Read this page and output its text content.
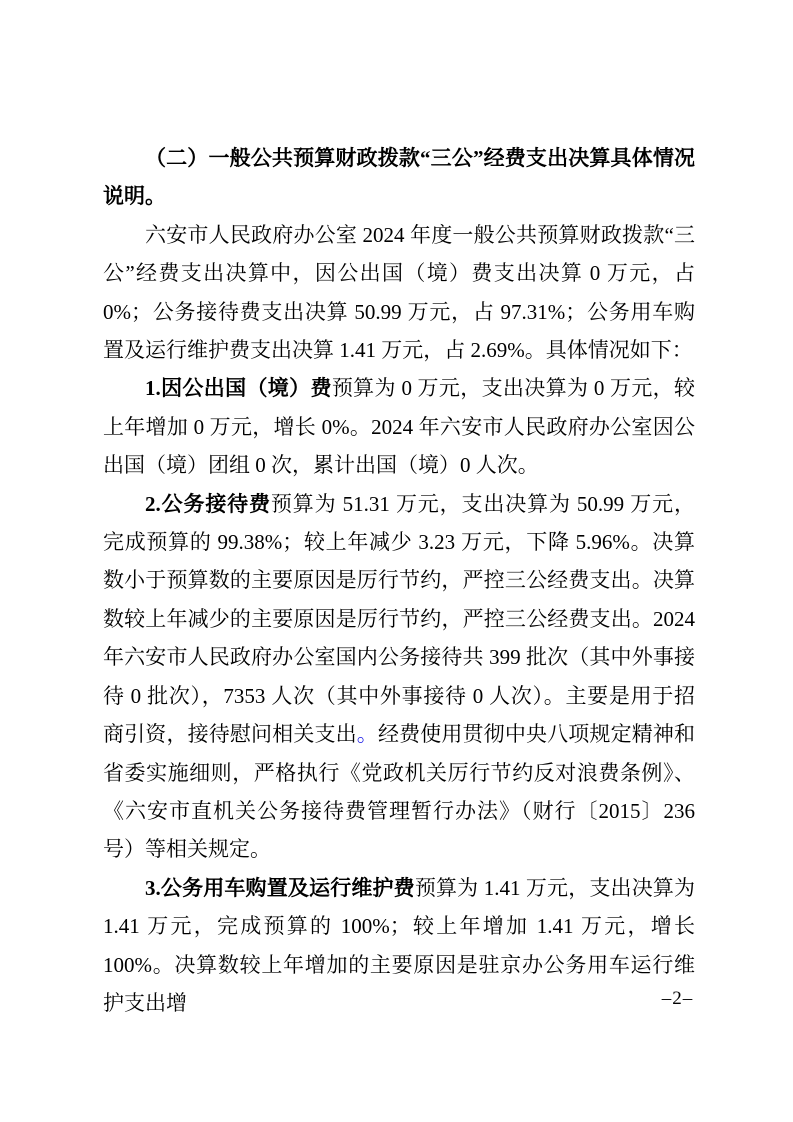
（二）一般公共预算财政拨款“三公”经费支出决算具体情况说明。

六安市人民政府办公室 2024 年度一般公共预算财政拨款“三公”经费支出决算中，因公出国（境）费支出决算 0 万元，占 0%；公务接待费支出决算 50.99 万元，占 97.31%；公务用车购置及运行维护费支出决算 1.41 万元，占 2.69%。具体情况如下：

1.因公出国（境）费预算为 0 万元，支出决算为 0 万元，较上年增加 0 万元，增长 0%。2024 年六安市人民政府办公室因公出国（境）团组 0 次，累计出国（境）0 人次。

2.公务接待费预算为 51.31 万元，支出决算为 50.99 万元，完成预算的 99.38%；较上年减少 3.23 万元，下降 5.96%。决算数小于预算数的主要原因是厉行节约，严控三公经费支出。决算数较上年减少的主要原因是厉行节约，严控三公经费支出。2024 年六安市人民政府办公室国内公务接待共 399 批次（其中外事接待 0 批次），7353 人次（其中外事接待 0 人次）。主要是用于招商引资，接待慰问相关支出。经费使用贯彻中央八项规定精神和省委实施细则，严格执行《党政机关厉行节约反对浪费条例》、《六安市直机关公务接待费管理暂行办法》（财行〔2015〕236 号）等相关规定。

3.公务用车购置及运行维护费预算为 1.41 万元，支出决算为 1.41 万元，完成预算的 100%；较上年增加 1.41 万元，增长 100%。决算数较上年增加的主要原因是驻京办公务用车运行维护支出增	–2–
